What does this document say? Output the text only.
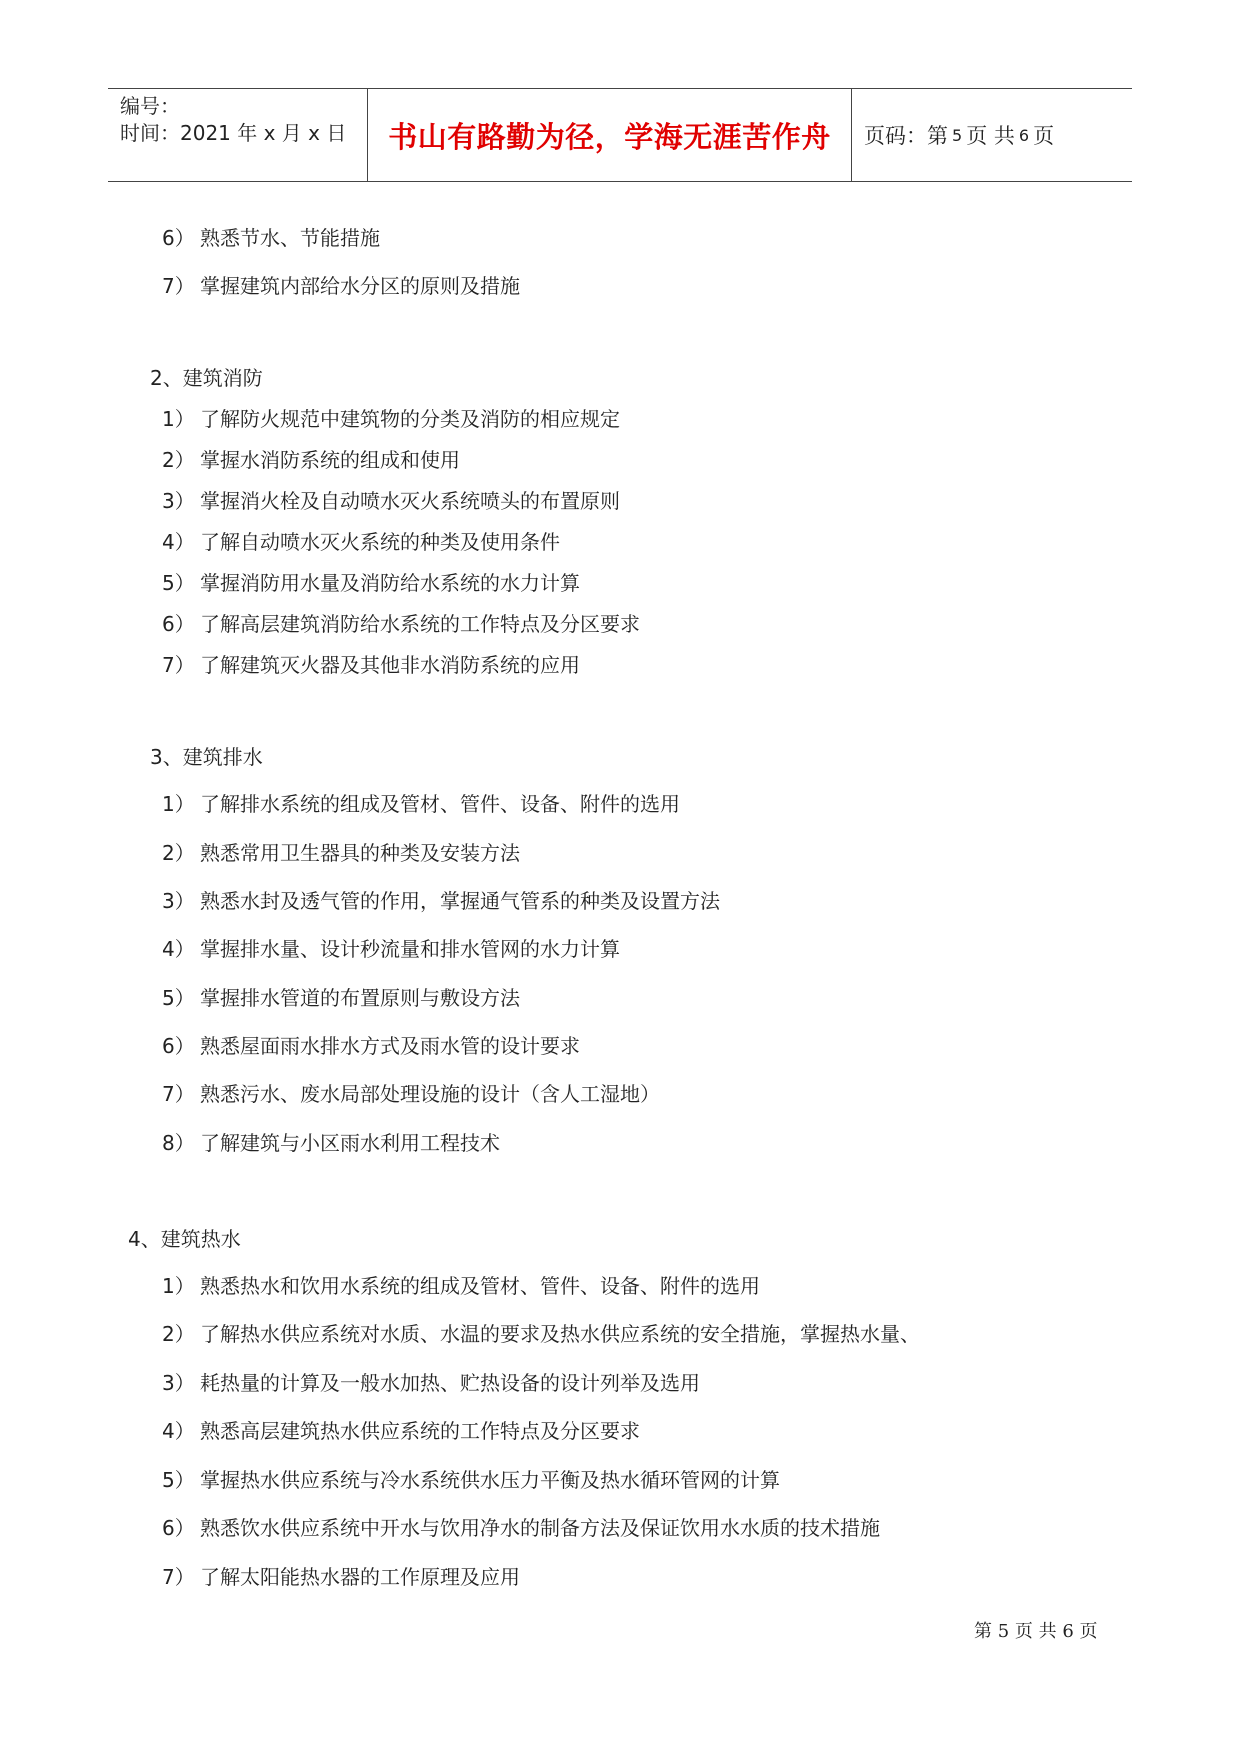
编号：
时间：2021 年 x 月 x 日	书山有路勤为径，学海无涯苦作舟	页码：第 5 页 共 6 页
6） 熟悉节水、节能措施
7） 掌握建筑内部给水分区的原则及措施
2、建筑消防
1） 了解防火规范中建筑物的分类及消防的相应规定
2） 掌握水消防系统的组成和使用
3） 掌握消火栓及自动喷水灭火系统喷头的布置原则
4） 了解自动喷水灭火系统的种类及使用条件
5） 掌握消防用水量及消防给水系统的水力计算
6） 了解高层建筑消防给水系统的工作特点及分区要求
7） 了解建筑灭火器及其他非水消防系统的应用
3、建筑排水
1） 了解排水系统的组成及管材、管件、设备、附件的选用
2） 熟悉常用卫生器具的种类及安装方法
3） 熟悉水封及透气管的作用，掌握通气管系的种类及设置方法
4） 掌握排水量、设计秒流量和排水管网的水力计算
5） 掌握排水管道的布置原则与敷设方法
6） 熟悉屋面雨水排水方式及雨水管的设计要求
7） 熟悉污水、废水局部处理设施的设计（含人工湿地）
8） 了解建筑与小区雨水利用工程技术
4、建筑热水
1） 熟悉热水和饮用水系统的组成及管材、管件、设备、附件的选用
2） 了解热水供应系统对水质、水温的要求及热水供应系统的安全措施，掌握热水量、
3） 耗热量的计算及一般水加热、贮热设备的设计列举及选用
4） 熟悉高层建筑热水供应系统的工作特点及分区要求
5） 掌握热水供应系统与冷水系统供水压力平衡及热水循环管网的计算
6） 熟悉饮水供应系统中开水与饮用净水的制备方法及保证饮用水水质的技术措施
7） 了解太阳能热水器的工作原理及应用
第 5 页 共 6 页
